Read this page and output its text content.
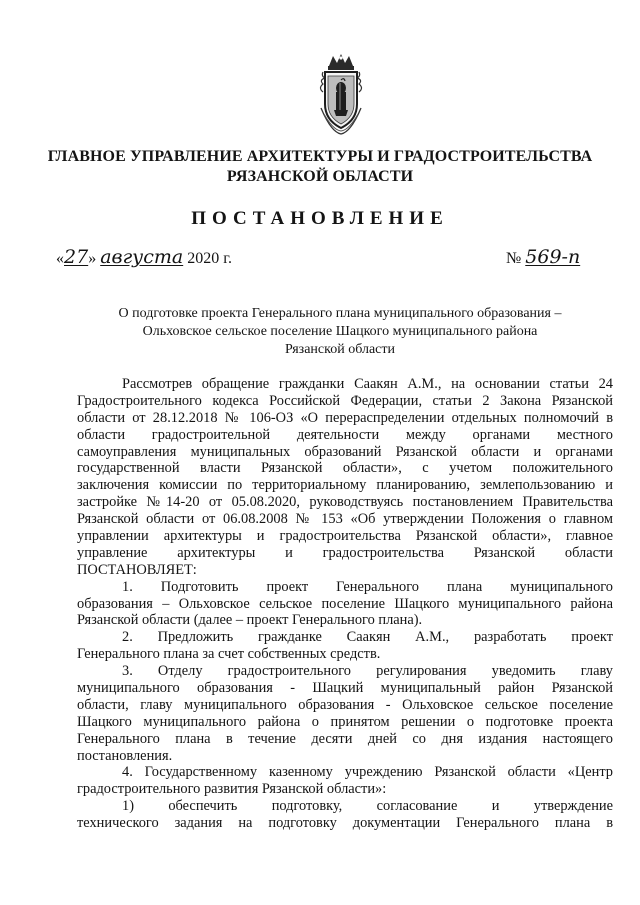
ГЛАВНОЕ УПРАВЛЕНИЕ АРХИТЕКТУРЫ И ГРАДОСТРОИТЕЛЬСТВА
РЯЗАНСКОЙ ОБЛАСТИ
ПОСТАНОВЛЕНИЕ
«27» августа 2020 г.	№ 569-п
О подготовке проекта Генерального плана муниципального образования –
Ольховское сельское поселение Шацкого муниципального района
Рязанской области
Рассмотрев обращение гражданки Саакян А.М., на основании статьи 24
Градостроительного кодекса Российской Федерации, статьи 2 Закона Рязанской
области от 28.12.2018 № 106-ОЗ «О перераспределении отдельных полномочий в
области градостроительной деятельности между органами местного
самоуправления муниципальных образований Рязанской области и органами
государственной власти Рязанской области», с учетом положительного
заключения комиссии по территориальному планированию, землепользованию и
застройке №14-20 от 05.08.2020, руководствуясь постановлением Правительства
Рязанской области от 06.08.2008 № 153 «Об утверждении Положения о главном
управлении архитектуры и градостроительства Рязанской области», главное
управление архитектуры и градостроительства Рязанской области
ПОСТАНОВЛЯЕТ:
1. Подготовить проект Генерального плана муниципального
образования – Ольховское сельское поселение Шацкого муниципального района
Рязанской области (далее – проект Генерального плана).
2. Предложить гражданке Саакян А.М., разработать проект
Генерального плана за счет собственных средств.
3. Отделу градостроительного регулирования уведомить главу
муниципального образования - Шацкий муниципальный район Рязанской
области, главу муниципального образования - Ольховское сельское поселение
Шацкого муниципального района о принятом решении о подготовке проекта
Генерального плана в течение десяти дней со дня издания настоящего
постановления.
4. Государственному казенному учреждению Рязанской области «Центр
градостроительного развития Рязанской области»:
1) обеспечить подготовку, согласование и утверждение
технического задания на подготовку документации Генерального плана в
